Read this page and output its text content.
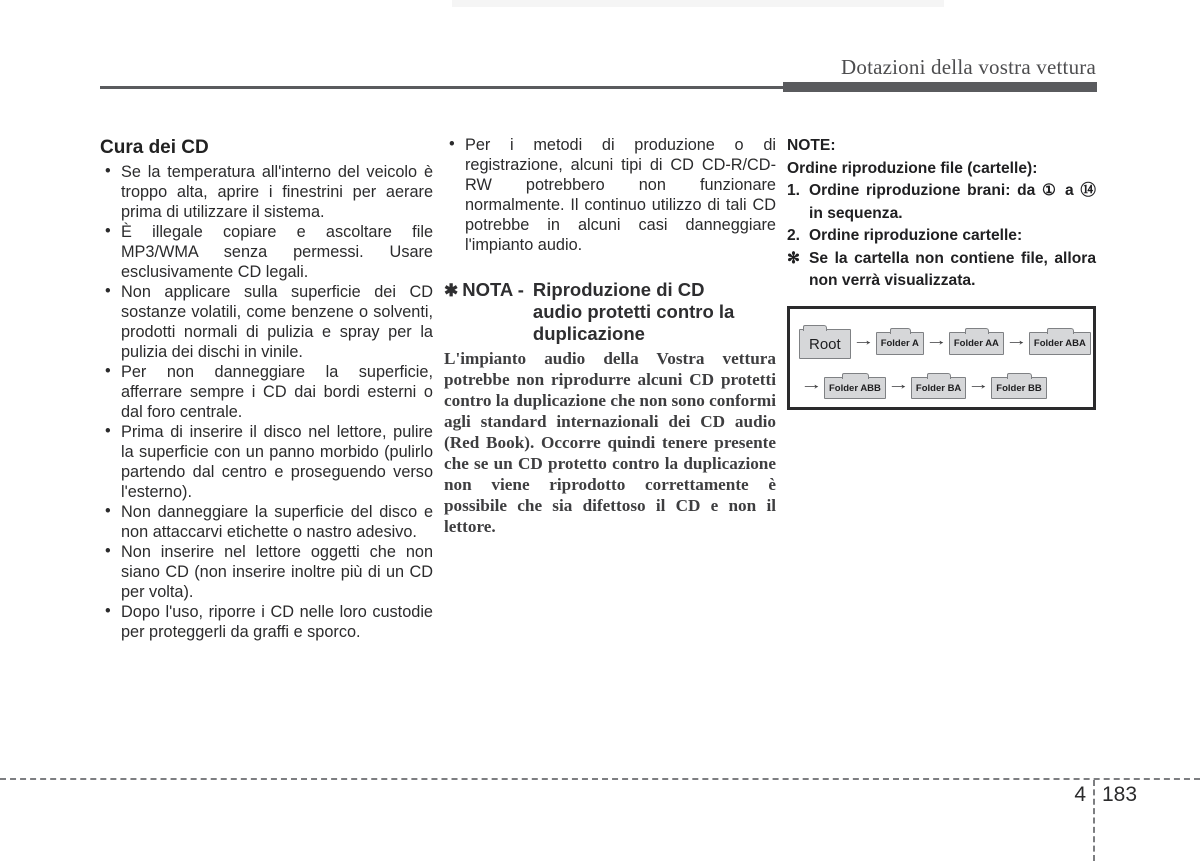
Dotazioni della vostra vettura
Cura dei CD
• Se la temperatura all'interno del veicolo è troppo alta, aprire i finestrini per aerare prima di utilizzare il sistema.
• È illegale copiare e ascoltare file MP3/WMA senza permessi. Usare esclusivamente CD legali.
• Non applicare sulla superficie dei CD sostanze volatili, come benzene o solventi, prodotti normali di pulizia e spray per la pulizia dei dischi in vinile.
• Per non danneggiare la superficie, afferrare sempre i CD dai bordi esterni o dal foro centrale.
• Prima di inserire il disco nel lettore, pulire la superficie con un panno morbido (pulirlo partendo dal centro e proseguendo verso l'esterno).
• Non danneggiare la superficie del disco e non attaccarvi etichette o nastro adesivo.
• Non inserire nel lettore oggetti che non siano CD (non inserire inoltre più di un CD per volta).
• Dopo l'uso, riporre i CD nelle loro custodie per proteggerli da graffi e sporco.
• Per i metodi di produzione o di registrazione, alcuni tipi di CD CD-R/CD-RW potrebbero non funzionare normalmente. Il continuo utilizzo di tali CD potrebbe in alcuni casi danneggiare l'impianto audio.
✱ NOTA - Riproduzione di CD audio protetti contro la duplicazione

L'impianto audio della Vostra vettura potrebbe non riprodurre alcuni CD protetti contro la duplicazione che non sono conformi agli standard internazionali dei CD audio (Red Book). Occorre quindi tenere presente che se un CD protetto contro la duplicazione non viene riprodotto correttamente è possibile che sia difettoso il CD e non il lettore.

NOTE:

Ordine riproduzione file (cartelle):

1. Ordine riproduzione brani: da ① a ⑭ in sequenza.
2. Ordine riproduzione cartelle:
✻ Se la cartella non contiene file, allora non verrà visualizzata.
Root → Folder A → Folder AA → Folder ABA
→ Folder ABB → Folder BA → Folder BB
4 183
